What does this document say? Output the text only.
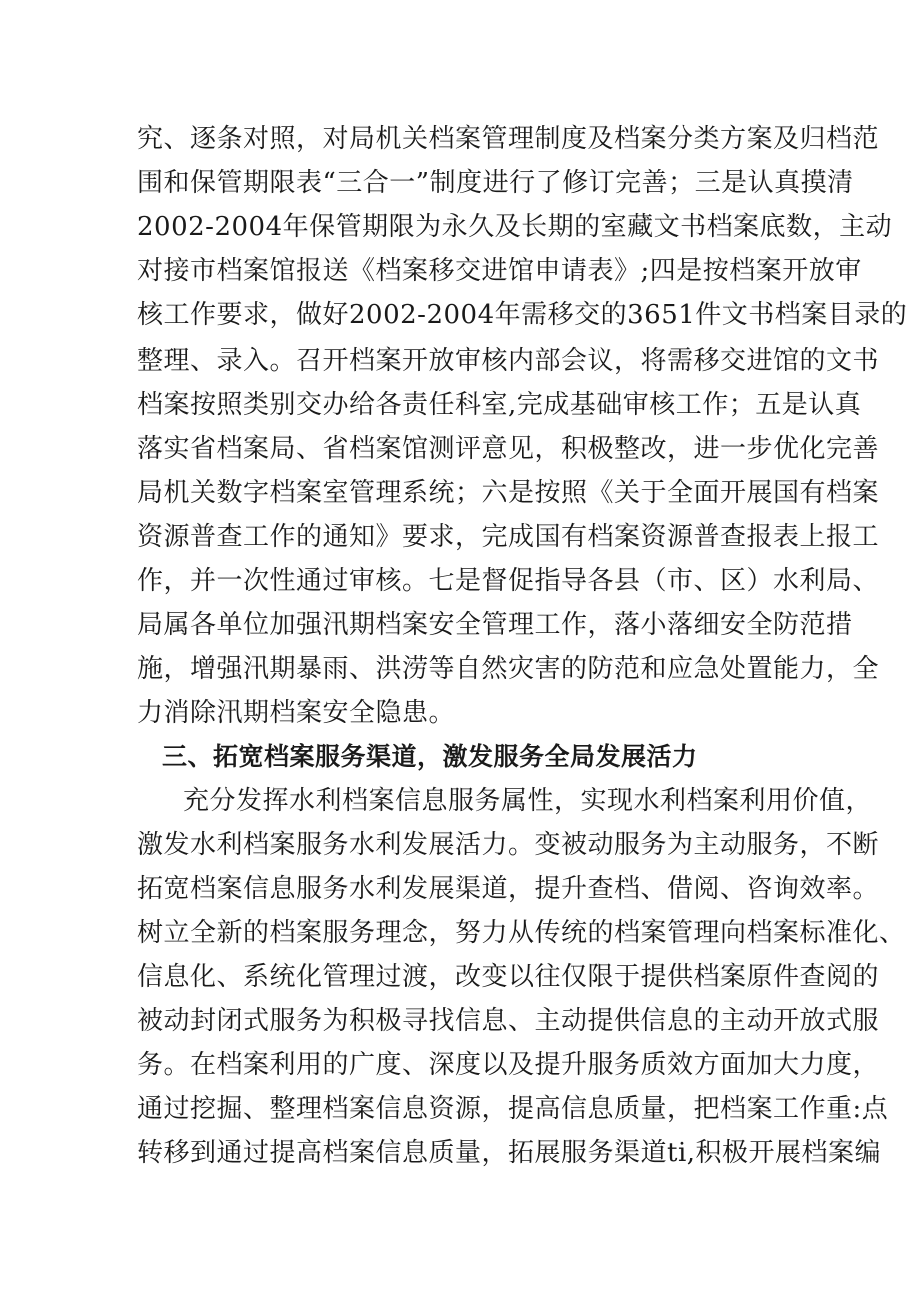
究、逐条对照，对局机关档案管理制度及档案分类方案及归档范
围和保管期限表“三合一”制度进行了修订完善；三是认真摸清
2002-2004年保管期限为永久及长期的室藏文书档案底数，主动
对接市档案馆报送《档案移交进馆申请表》;四是按档案开放审
核工作要求，做好2002-2004年需移交的3651件文书档案目录的
整理、录入。召开档案开放审核内部会议，将需移交进馆的文书
档案按照类别交办给各责任科室,完成基础审核工作；五是认真
落实省档案局、省档案馆测评意见，积极整改，进一步优化完善
局机关数字档案室管理系统；六是按照《关于全面开展国有档案
资源普查工作的通知》要求，完成国有档案资源普查报表上报工
作，并一次性通过审核。七是督促指导各县（市、区）水利局、
局属各单位加强汛期档案安全管理工作，落小落细安全防范措
施，增强汛期暴雨、洪涝等自然灾害的防范和应急处置能力，全
力消除汛期档案安全隐患。
三、拓宽档案服务渠道，激发服务全局发展活力
充分发挥水利档案信息服务属性，实现水利档案利用价值，
激发水利档案服务水利发展活力。变被动服务为主动服务，不断
拓宽档案信息服务水利发展渠道，提升查档、借阅、咨询效率。
树立全新的档案服务理念，努力从传统的档案管理向档案标准化、
信息化、系统化管理过渡，改变以往仅限于提供档案原件查阅的
被动封闭式服务为积极寻找信息、主动提供信息的主动开放式服
务。在档案利用的广度、深度以及提升服务质效方面加大力度，
通过挖掘、整理档案信息资源，提高信息质量，把档案工作重:点
转移到通过提高档案信息质量，拓展服务渠道ti,积极开展档案编
